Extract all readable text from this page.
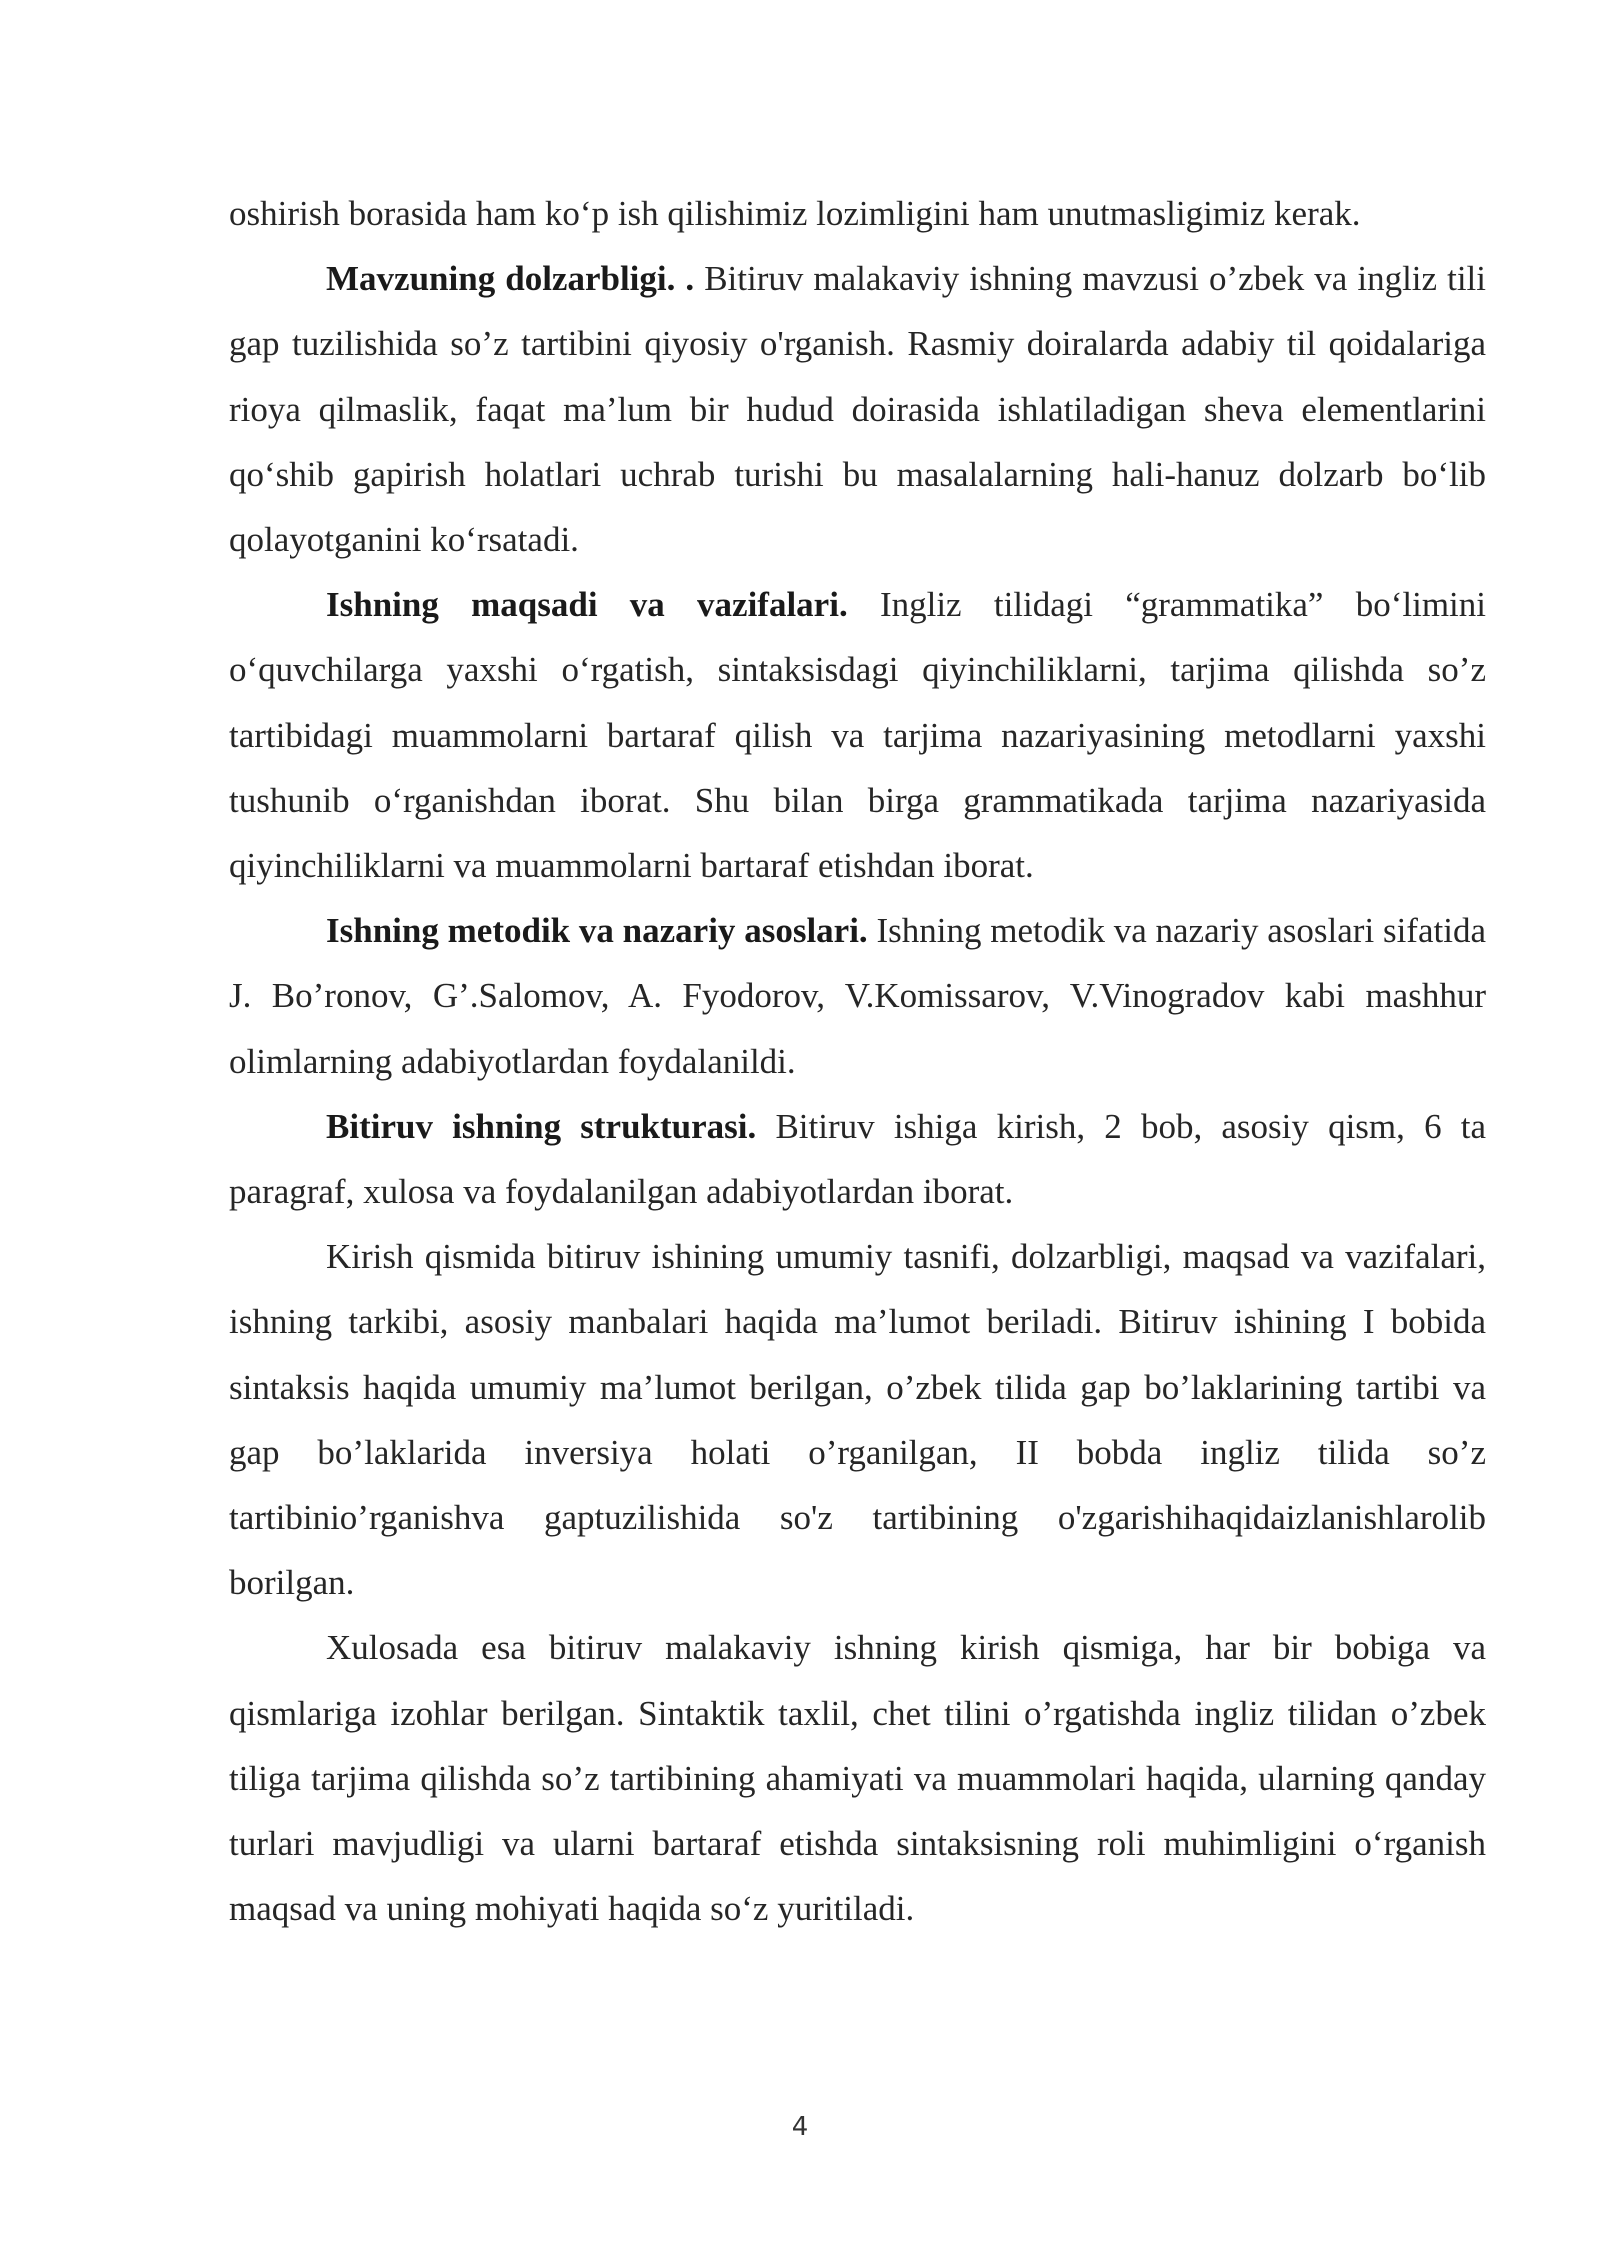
oshirish borasida ham ko‘p ish qilishimiz lozimligini ham unutmasligimiz kerak.

Mavzuning dolzarbligi. . Bitiruv malakaviy ishning mavzusi o’zbek va ingliz tili gap tuzilishida so’z tartibini qiyosiy o'rganish. Rasmiy doiralarda adabiy til qoidalariga rioya qilmaslik, faqat ma’lum bir hudud doirasida ishlatiladigan sheva elementlarini qo‘shib gapirish holatlari uchrab turishi bu masalalarning hali-hanuz dolzarb bo‘lib qolayotganini ko‘rsatadi.

Ishning maqsadi va vazifalari. Ingliz tilidagi “grammatika” bo‘limini o‘quvchilarga yaxshi o‘rgatish, sintaksisdagi qiyinchiliklarni, tarjima qilishda so’z tartibidagi muammolarni bartaraf qilish va tarjima nazariyasining metodlarni yaxshi tushunib o‘rganishdan iborat. Shu bilan birga grammatikada tarjima nazariyasida qiyinchiliklarni va muammolarni bartaraf etishdan iborat.

Ishning metodik va nazariy asoslari. Ishning metodik va nazariy asoslari sifatida J. Bo’ronov, G’.Salomov, A. Fyodorov, V.Komissarov, V.Vinogradov kabi mashhur olimlarning adabiyotlardan foydalanildi.

Bitiruv ishning strukturasi. Bitiruv ishiga kirish, 2 bob, asosiy qism, 6 ta paragraf, xulosa va foydalanilgan adabiyotlardan iborat.

Kirish qismida bitiruv ishining umumiy tasnifi, dolzarbligi, maqsad va vazifalari, ishning tarkibi, asosiy manbalari haqida ma’lumot beriladi. Bitiruv ishining I bobida sintaksis haqida umumiy ma’lumot berilgan, o’zbek tilida gap bo’laklarining tartibi va gap bo’laklarida inversiya holati o’rganilgan, II bobda ingliz tilida so’z tartibinio’rganishva gaptuzilishida so'z tartibining o'zgarishihaqidaizlanishlarolib borilgan.

Xulosada esa bitiruv malakaviy ishning kirish qismiga, har bir bobiga va qismlariga izohlar berilgan. Sintaktik taxlil, chet tilini o’rgatishda ingliz tilidan o’zbek tiliga tarjima qilishda so’z tartibining ahamiyati va muammolari haqida, ularning qanday turlari mavjudligi va ularni bartaraf etishda sintaksisning roli muhimligini o‘rganish maqsad va uning mohiyati haqida so‘z yuritiladi.

4
